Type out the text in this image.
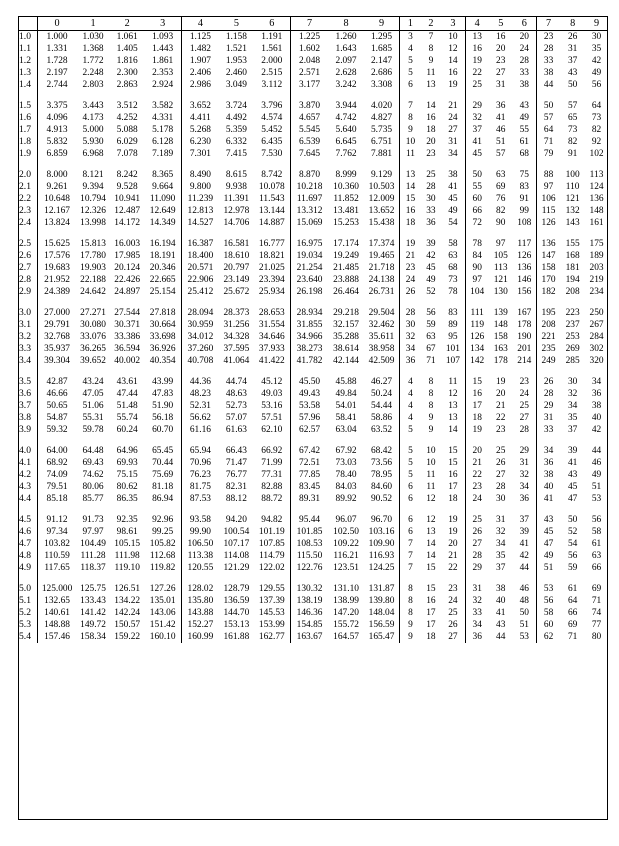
	0	1	2	3	4	5	6	7	8	9	1	2	3	4	5	6	7	8	9
1.0	1.000	1.030	1.061	1.093	1.125	1.158	1.191	1.225	1.260	1.295	3	7	10	13	16	20	23	26	30
1.1	1.331	1.368	1.405	1.443	1.482	1.521	1.561	1.602	1.643	1.685	4	8	12	16	20	24	28	31	35
1.2	1.728	1.772	1.816	1.861	1.907	1.953	2.000	2.048	2.097	2.147	5	9	14	19	23	28	33	37	42
1.3	2.197	2.248	2.300	2.353	2.406	2.460	2.515	2.571	2.628	2.686	5	11	16	22	27	33	38	43	49
1.4	2.744	2.803	2.863	2.924	2.986	3.049	3.112	3.177	3.242	3.308	6	13	19	25	31	38	44	50	56

1.5	3.375	3.443	3.512	3.582	3.652	3.724	3.796	3.870	3.944	4.020	7	14	21	29	36	43	50	57	64
1.6	4.096	4.173	4.252	4.331	4.411	4.492	4.574	4.657	4.742	4.827	8	16	24	32	41	49	57	65	73
1.7	4.913	5.000	5.088	5.178	5.268	5.359	5.452	5.545	5.640	5.735	9	18	27	37	46	55	64	73	82
1.8	5.832	5.930	6.029	6.128	6.230	6.332	6.435	6.539	6.645	6.751	10	20	31	41	51	61	71	82	92
1.9	6.859	6.968	7.078	7.189	7.301	7.415	7.530	7.645	7.762	7.881	11	23	34	45	57	68	79	91	102

2.0	8.000	8.121	8.242	8.365	8.490	8.615	8.742	8.870	8.999	9.129	13	25	38	50	63	75	88	100	113
2.1	9.261	9.394	9.528	9.664	9.800	9.938	10.078	10.218	10.360	10.503	14	28	41	55	69	83	97	110	124
2.2	10.648	10.794	10.941	11.090	11.239	11.391	11.543	11.697	11.852	12.009	15	30	45	60	76	91	106	121	136
2.3	12.167	12.326	12.487	12.649	12.813	12.978	13.144	13.312	13.481	13.652	16	33	49	66	82	99	115	132	148
2.4	13.824	13.998	14.172	14.349	14.527	14.706	14.887	15.069	15.253	15.438	18	36	54	72	90	108	126	143	161

2.5	15.625	15.813	16.003	16.194	16.387	16.581	16.777	16.975	17.174	17.374	19	39	58	78	97	117	136	155	175
2.6	17.576	17.780	17.985	18.191	18.400	18.610	18.821	19.034	19.249	19.465	21	42	63	84	105	126	147	168	189
2.7	19.683	19.903	20.124	20.346	20.571	20.797	21.025	21.254	21.485	21.718	23	45	68	90	113	136	158	181	203
2.8	21.952	22.188	22.426	22.665	22.906	23.149	23.394	23.640	23.888	24.138	24	49	73	97	121	146	170	194	219
2.9	24.389	24.642	24.897	25.154	25.412	25.672	25.934	26.198	26.464	26.731	26	52	78	104	130	156	182	208	234

3.0	27.000	27.271	27.544	27.818	28.094	28.373	28.653	28.934	29.218	29.504	28	56	83	111	139	167	195	223	250
3.1	29.791	30.080	30.371	30.664	30.959	31.256	31.554	31.855	32.157	32.462	30	59	89	119	148	178	208	237	267
3.2	32.768	33.076	33.386	33.698	34.012	34.328	34.646	34.966	35.288	35.611	32	63	95	126	158	190	221	253	284
3.3	35.937	36.265	36.594	36.926	37.260	37.595	37.933	38.273	38.614	38.958	34	67	101	134	163	201	235	269	302
3.4	39.304	39.652	40.002	40.354	40.708	41.064	41.422	41.782	42.144	42.509	36	71	107	142	178	214	249	285	320

3.5	42.87	43.24	43.61	43.99	44.36	44.74	45.12	45.50	45.88	46.27	4	8	11	15	19	23	26	30	34
3.6	46.66	47.05	47.44	47.83	48.23	48.63	49.03	49.43	49.84	50.24	4	8	12	16	20	24	28	32	36
3.7	50.65	51.06	51.48	51.90	52.31	52.73	53.16	53.58	54.01	54.44	4	8	13	17	21	25	29	34	38
3.8	54.87	55.31	55.74	56.18	56.62	57.07	57.51	57.96	58.41	58.86	4	9	13	18	22	27	31	35	40
3.9	59.32	59.78	60.24	60.70	61.16	61.63	62.10	62.57	63.04	63.52	5	9	14	19	23	28	33	37	42

4.0	64.00	64.48	64.96	65.45	65.94	66.43	66.92	67.42	67.92	68.42	5	10	15	20	25	29	34	39	44
4.1	68.92	69.43	69.93	70.44	70.96	71.47	71.99	72.51	73.03	73.56	5	10	15	21	26	31	36	41	46
4.2	74.09	74.62	75.15	75.69	76.23	76.77	77.31	77.85	78.40	78.95	5	11	16	22	27	32	38	43	49
4.3	79.51	80.06	80.62	81.18	81.75	82.31	82.88	83.45	84.03	84.60	6	11	17	23	28	34	40	45	51
4.4	85.18	85.77	86.35	86.94	87.53	88.12	88.72	89.31	89.92	90.52	6	12	18	24	30	36	41	47	53

4.5	91.12	91.73	92.35	92.96	93.58	94.20	94.82	95.44	96.07	96.70	6	12	19	25	31	37	43	50	56
4.6	97.34	97.97	98.61	99.25	99.90	100.54	101.19	101.85	102.50	103.16	6	13	19	26	32	39	45	52	58
4.7	103.82	104.49	105.15	105.82	106.50	107.17	107.85	108.53	109.22	109.90	7	14	20	27	34	41	47	54	61
4.8	110.59	111.28	111.98	112.68	113.38	114.08	114.79	115.50	116.21	116.93	7	14	21	28	35	42	49	56	63
4.9	117.65	118.37	119.10	119.82	120.55	121.29	122.02	122.76	123.51	124.25	7	15	22	29	37	44	51	59	66

5.0	125.000	125.75	126.51	127.26	128.02	128.79	129.55	130.32	131.10	131.87	8	15	23	31	38	46	53	61	69
5.1	132.65	133.43	134.22	135.01	135.80	136.59	137.39	138.19	138.99	139.80	8	16	24	32	40	48	56	64	71
5.2	140.61	141.42	142.24	143.06	143.88	144.70	145.53	146.36	147.20	148.04	8	17	25	33	41	50	58	66	74
5.3	148.88	149.72	150.57	151.42	152.27	153.13	153.99	154.85	155.72	156.59	9	17	26	34	43	51	60	69	77
5.4	157.46	158.34	159.22	160.10	160.99	161.88	162.77	163.67	164.57	165.47	9	18	27	36	44	53	62	71	80
